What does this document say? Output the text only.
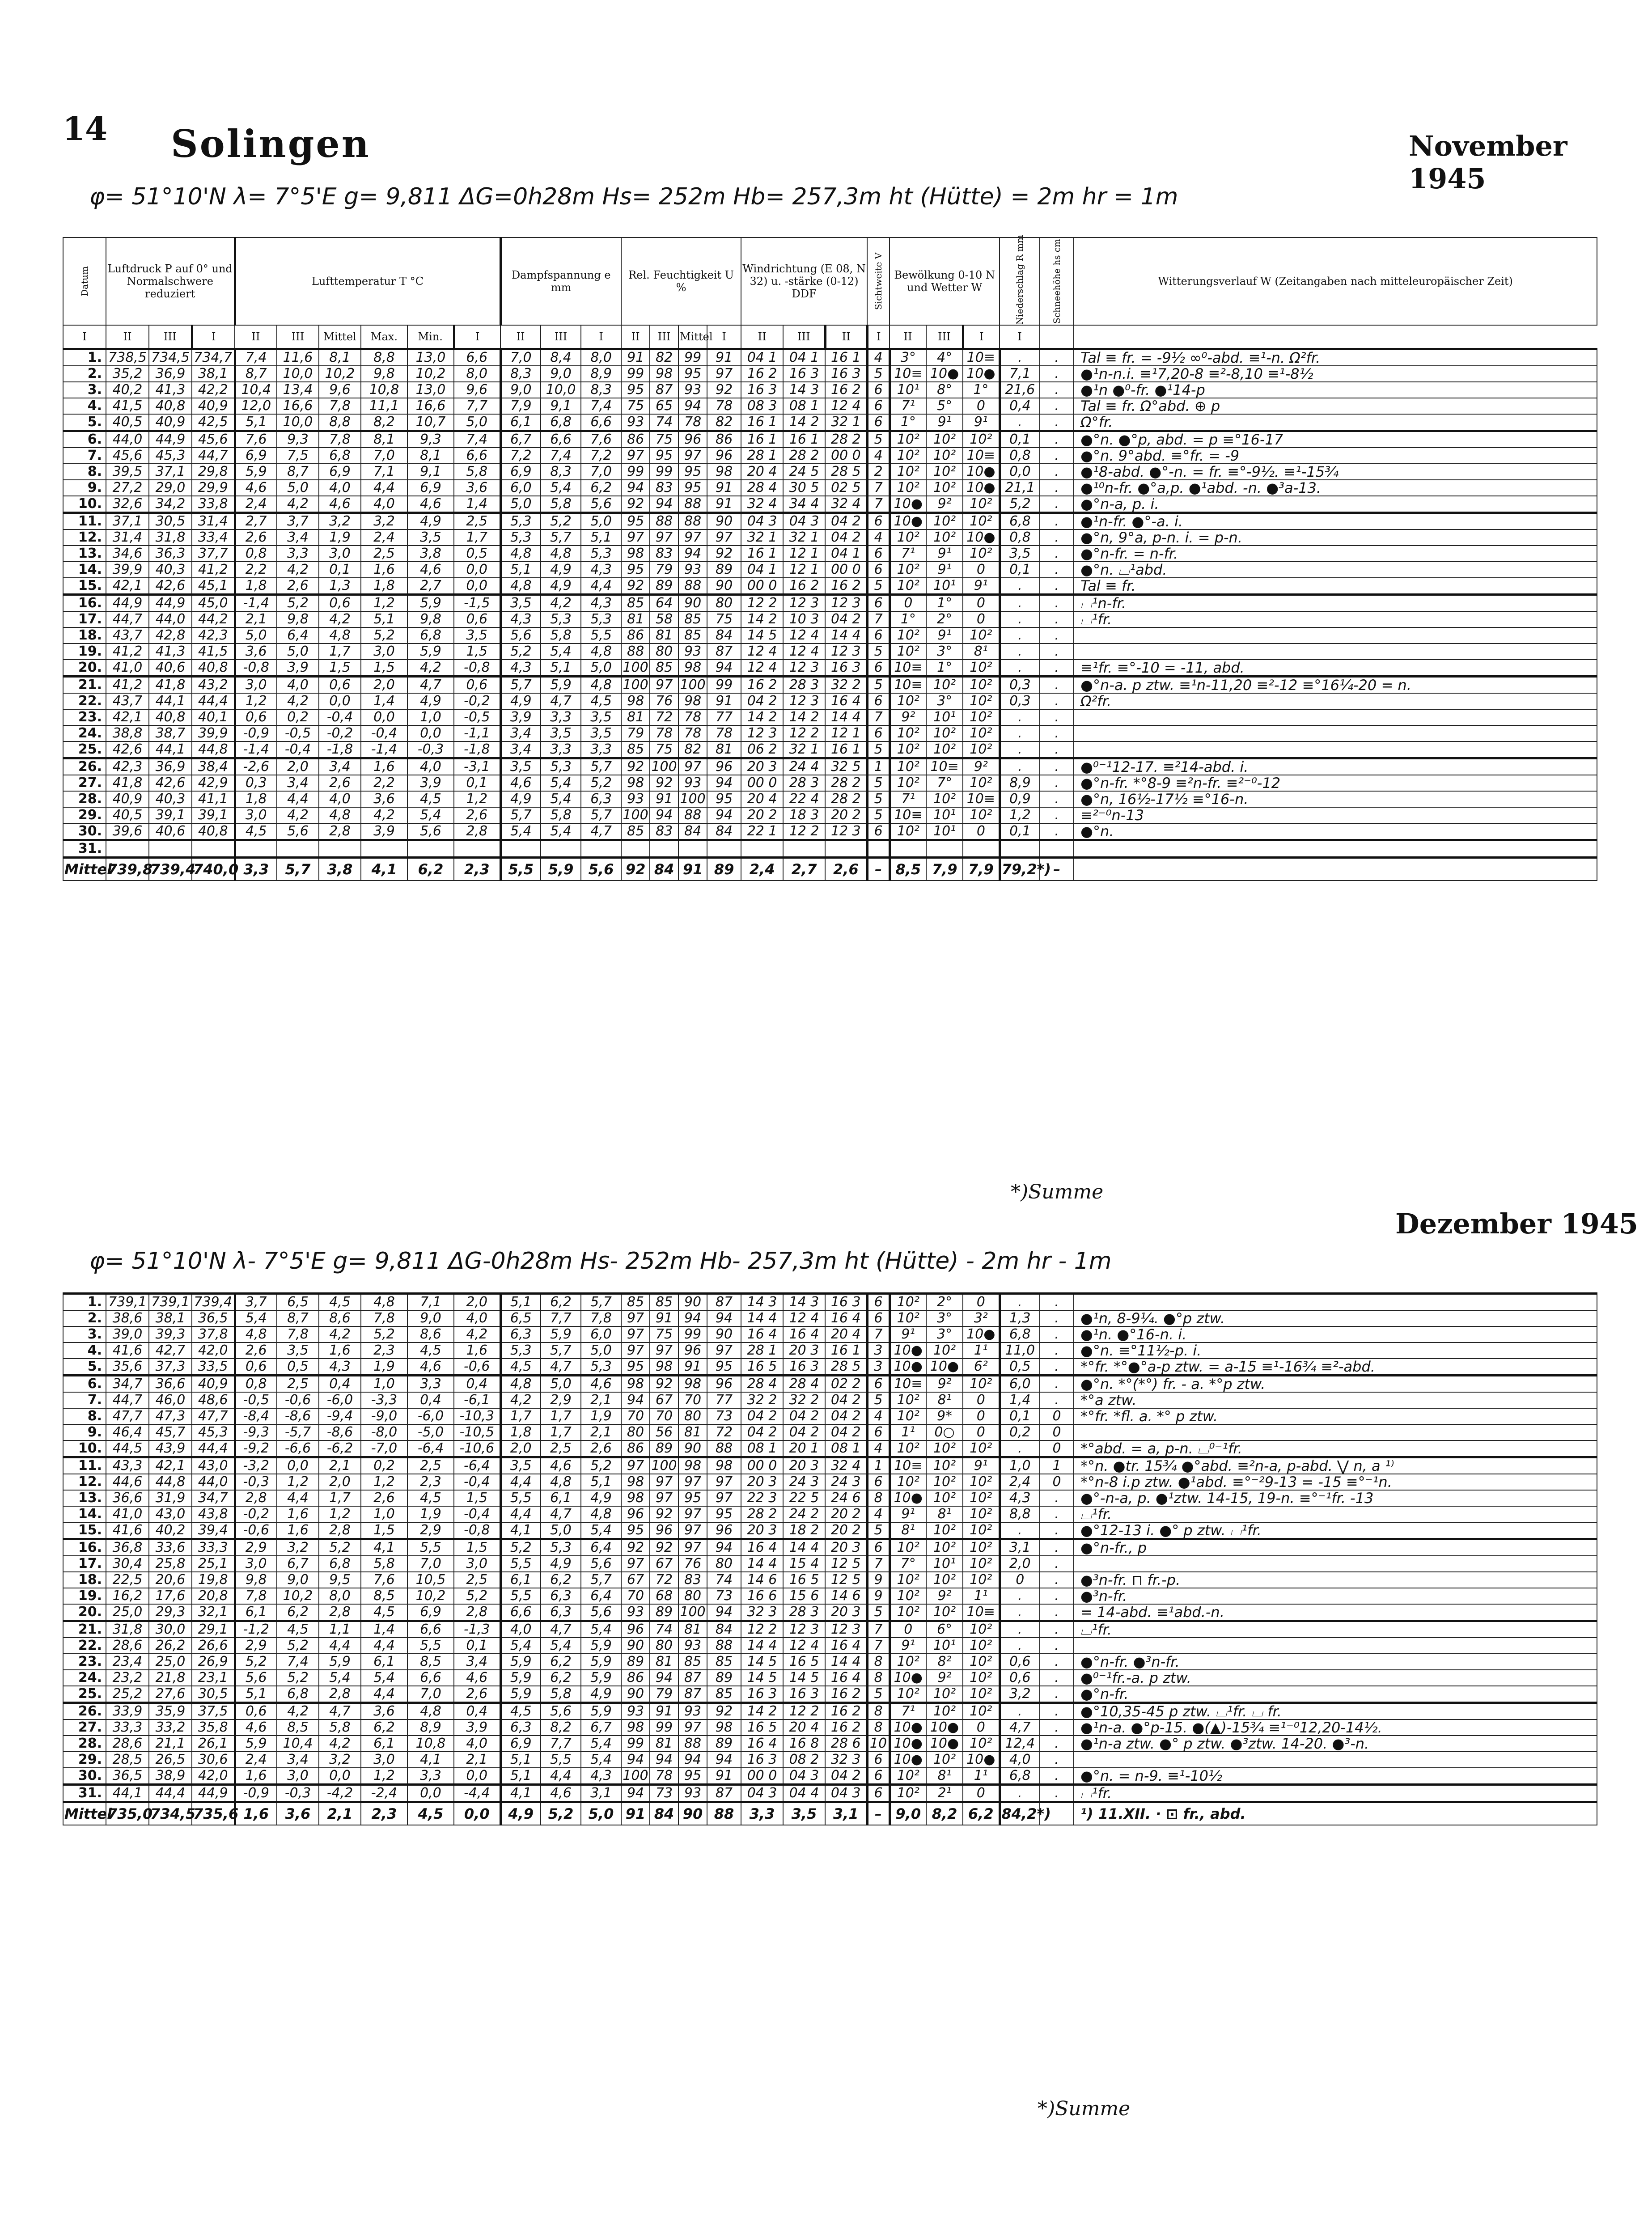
14 Solingen	November 1945
φ= 51°10'N λ= 7°5'E g= 9,811 ΔG=0h28m Hs= 252m Hb= 257,3m ht (Hütte) = 2m hr = 1m
Datum	Luftdruck P auf 0° und Normalschwere reduziert			Lufttemperatur T °C						Dampfspannung e mm			Rel. Feuchtigkeit U %				Windrichtung (E 08, N 32) u. -stärke (0-12) DDF			Sichtweite V	Bewölkung 0-10 N und Wetter W			Niederschlag R mm	Schneehöhe hs cm	Witterungsverlauf W (Zeitangaben nach mitteleuropäischer Zeit)
I	II	III	I	II	III	Mittel	Max.	Min.	I	II	III	I	II	III	Mittel	I	II	III	II	I	II	III	I	I		
1.	738,5	734,5	734,7	7,4	11,6	8,1	8,8	13,0	6,6	7,0	8,4	8,0	91	82	99	91	04 1	04 1	16 1	4	3°	4°	10≡	.	.	Tal ≡ fr. = -9½ ∞⁰-abd. ≡¹-n. Ω²fr.
2.	35,2	36,9	38,1	8,7	10,0	10,2	9,8	10,2	8,0	8,3	9,0	8,9	99	98	95	97	16 2	16 3	16 3	5	10≡	10●	10●	7,1	.	●¹n-n.i. ≡¹7,20-8 ≡²-8,10 ≡¹-8½
3.	40,2	41,3	42,2	10,4	13,4	9,6	10,8	13,0	9,6	9,0	10,0	8,3	95	87	93	92	16 3	14 3	16 2	6	10¹	8°	1°	21,6	.	●¹n ●⁰-fr. ●¹14-p
4.	41,5	40,8	40,9	12,0	16,6	7,8	11,1	16,6	7,7	7,9	9,1	7,4	75	65	94	78	08 3	08 1	12 4	6	7¹	5°	0	0,4	.	Tal ≡ fr. Ω°abd. ⊕ p
5.	40,5	40,9	42,5	5,1	10,0	8,8	8,2	10,7	5,0	6,1	6,8	6,6	93	74	78	82	16 1	14 2	32 1	6	1°	9¹	9¹	.	.	Ω°fr.
6.	44,0	44,9	45,6	7,6	9,3	7,8	8,1	9,3	7,4	6,7	6,6	7,6	86	75	96	86	16 1	16 1	28 2	5	10²	10²	10²	0,1	.	●°n. ●°p, abd. = p ≡°16-17
7.	45,6	45,3	44,7	6,9	7,5	6,8	7,0	8,1	6,6	7,2	7,4	7,2	97	95	97	96	28 1	28 2	00 0	4	10²	10²	10≡	0,8	.	●°n. 9°abd. ≡°fr. = -9
8.	39,5	37,1	29,8	5,9	8,7	6,9	7,1	9,1	5,8	6,9	8,3	7,0	99	99	95	98	20 4	24 5	28 5	2	10²	10²	10●	0,0	.	●¹8-abd. ●°-n. = fr. ≡°-9½. ≡¹-15¾
9.	27,2	29,0	29,9	4,6	5,0	4,0	4,4	6,9	3,6	6,0	5,4	6,2	94	83	95	91	28 4	30 5	02 5	7	10²	10²	10●	21,1	.	●¹⁰n-fr. ●°a,p. ●¹abd. -n. ●³a-13.
10.	32,6	34,2	33,8	2,4	4,2	4,6	4,0	4,6	1,4	5,0	5,8	5,6	92	94	88	91	32 4	34 4	32 4	7	10●	9²	10²	5,2	.	●°n-a, p. i.
11.	37,1	30,5	31,4	2,7	3,7	3,2	3,2	4,9	2,5	5,3	5,2	5,0	95	88	88	90	04 3	04 3	04 2	6	10●	10²	10²	6,8	.	●¹n-fr. ●°-a. i.
12.	31,4	31,8	33,4	2,6	3,4	1,9	2,4	3,5	1,7	5,3	5,7	5,1	97	97	97	97	32 1	32 1	04 2	4	10²	10²	10●	0,8	.	●°n, 9°a, p-n. i. = p-n.
13.	34,6	36,3	37,7	0,8	3,3	3,0	2,5	3,8	0,5	4,8	4,8	5,3	98	83	94	92	16 1	12 1	04 1	6	7¹	9¹	10²	3,5	.	●°n-fr. = n-fr.
14.	39,9	40,3	41,2	2,2	4,2	0,1	1,6	4,6	0,0	5,1	4,9	4,3	95	79	93	89	04 1	12 1	00 0	6	10²	9¹	0	0,1	.	●°n. ⌴¹abd.
15.	42,1	42,6	45,1	1,8	2,6	1,3	1,8	2,7	0,0	4,8	4,9	4,4	92	89	88	90	00 0	16 2	16 2	5	10²	10¹	9¹	.	.	Tal ≡ fr.
16.	44,9	44,9	45,0	-1,4	5,2	0,6	1,2	5,9	-1,5	3,5	4,2	4,3	85	64	90	80	12 2	12 3	12 3	6	0	1°	0	.	.	⌴¹n-fr.
17.	44,7	44,0	44,2	2,1	9,8	4,2	5,1	9,8	0,6	4,3	5,3	5,3	81	58	85	75	14 2	10 3	04 2	7	1°	2°	0	.	.	⌴¹fr.
18.	43,7	42,8	42,3	5,0	6,4	4,8	5,2	6,8	3,5	5,6	5,8	5,5	86	81	85	84	14 5	12 4	14 4	6	10²	9¹	10²	.	.	
19.	41,2	41,3	41,5	3,6	5,0	1,7	3,0	5,9	1,5	5,2	5,4	4,8	88	80	93	87	12 4	12 4	12 3	5	10²	3°	8¹	.	.	
20.	41,0	40,6	40,8	-0,8	3,9	1,5	1,5	4,2	-0,8	4,3	5,1	5,0	100	85	98	94	12 4	12 3	16 3	6	10≡	1°	10²	.	.	≡¹fr. ≡°-10 = -11, abd.
21.	41,2	41,8	43,2	3,0	4,0	0,6	2,0	4,7	0,6	5,7	5,9	4,8	100	97	100	99	16 2	28 3	32 2	5	10≡	10²	10²	0,3	.	●°n-a. p ztw. ≡¹n-11,20 ≡²-12 ≡°16¼-20 = n.
22.	43,7	44,1	44,4	1,2	4,2	0,0	1,4	4,9	-0,2	4,9	4,7	4,5	98	76	98	91	04 2	12 3	16 4	6	10²	3°	10²	0,3	.	Ω²fr.
23.	42,1	40,8	40,1	0,6	0,2	-0,4	0,0	1,0	-0,5	3,9	3,3	3,5	81	72	78	77	14 2	14 2	14 4	7	9²	10¹	10²	.	.	
24.	38,8	38,7	39,9	-0,9	-0,5	-0,2	-0,4	0,0	-1,1	3,4	3,5	3,5	79	78	78	78	12 3	12 2	12 1	6	10²	10²	10²	.	.	
25.	42,6	44,1	44,8	-1,4	-0,4	-1,8	-1,4	-0,3	-1,8	3,4	3,3	3,3	85	75	82	81	06 2	32 1	16 1	5	10²	10²	10²	.	.	
26.	42,3	36,9	38,4	-2,6	2,0	3,4	1,6	4,0	-3,1	3,5	5,3	5,7	92	100	97	96	20 3	24 4	32 5	1	10²	10≡	9²	.	.	●⁰⁻¹12-17. ≡²14-abd. i.
27.	41,8	42,6	42,9	0,3	3,4	2,6	2,2	3,9	0,1	4,6	5,4	5,2	98	92	93	94	00 0	28 3	28 2	5	10²	7°	10²	8,9	.	●°n-fr. *°8-9 ≡²n-fr. ≡²⁻⁰-12
28.	40,9	40,3	41,1	1,8	4,4	4,0	3,6	4,5	1,2	4,9	5,4	6,3	93	91	100	95	20 4	22 4	28 2	5	7¹	10²	10≡	0,9	.	●°n, 16½-17½ ≡°16-n.
29.	40,5	39,1	39,1	3,0	4,2	4,8	4,2	5,4	2,6	5,7	5,8	5,7	100	94	88	94	20 2	18 3	20 2	5	10≡	10¹	10²	1,2	.	≡²⁻⁰n-13
30.	39,6	40,6	40,8	4,5	5,6	2,8	3,9	5,6	2,8	5,4	5,4	4,7	85	83	84	84	22 1	12 2	12 3	6	10²	10¹	0	0,1	.	●°n.
31.																										
Mittel	739,8	739,4	740,0	3,3	5,7	3,8	4,1	6,2	2,3	5,5	5,9	5,6	92	84	91	89	2,4	2,7	2,6	–	8,5	7,9	7,9	79,2*)	–	
*)Summe
Dezember 1945
φ= 51°10'N λ- 7°5'E g= 9,811 ΔG-0h28m Hs- 252m Hb- 257,3m ht (Hütte) - 2m hr - 1m
1.	739,1	739,1	739,4	3,7	6,5	4,5	4,8	7,1	2,0	5,1	6,2	5,7	85	85	90	87	14 3	14 3	16 3	6	10²	2°	0	.	.	
2.	38,6	38,1	36,5	5,4	8,7	8,6	7,8	9,0	4,0	6,5	7,7	7,8	97	91	94	94	14 4	12 4	16 4	6	10²	3°	3²	1,3	.	●¹n, 8-9¼. ●°p ztw.
3.	39,0	39,3	37,8	4,8	7,8	4,2	5,2	8,6	4,2	6,3	5,9	6,0	97	75	99	90	16 4	16 4	20 4	7	9¹	3°	10●	6,8	.	●¹n. ●°16-n. i.
4.	41,6	42,7	42,0	2,6	3,5	1,6	2,3	4,5	1,6	5,3	5,7	5,0	97	97	96	97	28 1	20 3	16 1	3	10●	10²	1¹	11,0	.	●°n. ≡°11½-p. i.
5.	35,6	37,3	33,5	0,6	0,5	4,3	1,9	4,6	-0,6	4,5	4,7	5,3	95	98	91	95	16 5	16 3	28 5	3	10●	10●	6²	0,5	.	*°fr. *°●°a-p ztw. = a-15 ≡¹-16¾ ≡²-abd.
6.	34,7	36,6	40,9	0,8	2,5	0,4	1,0	3,3	0,4	4,8	5,0	4,6	98	92	98	96	28 4	28 4	02 2	6	10≡	9²	10²	6,0	.	●°n. *°(*°) fr. - a. *°p ztw.
7.	44,7	46,0	48,6	-0,5	-0,6	-6,0	-3,3	0,4	-6,1	4,2	2,9	2,1	94	67	70	77	32 2	32 2	04 2	5	10²	8¹	0	1,4	.	*°a ztw.
8.	47,7	47,3	47,7	-8,4	-8,6	-9,4	-9,0	-6,0	-10,3	1,7	1,7	1,9	70	70	80	73	04 2	04 2	04 2	4	10²	9*	0	0,1	0	*°fr. *fl. a. *° p ztw.
9.	46,4	45,7	45,3	-9,3	-5,7	-8,6	-8,0	-5,0	-10,5	1,8	1,7	2,1	80	56	81	72	04 2	04 2	04 2	6	1¹	0○	0	0,2	0	
10.	44,5	43,9	44,4	-9,2	-6,6	-6,2	-7,0	-6,4	-10,6	2,0	2,5	2,6	86	89	90	88	08 1	20 1	08 1	4	10²	10²	10²	.	0	*°abd. = a, p-n. ⌴⁰⁻¹fr.
11.	43,3	42,1	43,0	-3,2	0,0	2,1	0,2	2,5	-6,4	3,5	4,6	5,2	97	100	98	98	00 0	20 3	32 4	1	10≡	10²	9¹	1,0	1	*°n. ●tr. 15¾ ●°abd. ≡²n-a, p-abd. ⋁ n, a ¹⁾
12.	44,6	44,8	44,0	-0,3	1,2	2,0	1,2	2,3	-0,4	4,4	4,8	5,1	98	97	97	97	20 3	24 3	24 3	6	10²	10²	10²	2,4	0	*°n-8 i.p ztw. ●¹abd. ≡°⁻²9-13 = -15 ≡°⁻¹n.
13.	36,6	31,9	34,7	2,8	4,4	1,7	2,6	4,5	1,5	5,5	6,1	4,9	98	97	95	97	22 3	22 5	24 6	8	10●	10²	10²	4,3	.	●°-n-a, p. ●¹ztw. 14-15, 19-n. ≡°⁻¹fr. -13
14.	41,0	43,0	43,8	-0,2	1,6	1,2	1,0	1,9	-0,4	4,4	4,7	4,8	96	92	97	95	28 2	24 2	20 2	4	9¹	8¹	10²	8,8	.	⌴¹fr.
15.	41,6	40,2	39,4	-0,6	1,6	2,8	1,5	2,9	-0,8	4,1	5,0	5,4	95	96	97	96	20 3	18 2	20 2	5	8¹	10²	10²	.	.	●°12-13 i. ●° p ztw. ⌴¹fr.
16.	36,8	33,6	33,3	2,9	3,2	5,2	4,1	5,5	1,5	5,2	5,3	6,4	92	92	97	94	16 4	14 4	20 3	6	10²	10²	10²	3,1	.	●°n-fr., p
17.	30,4	25,8	25,1	3,0	6,7	6,8	5,8	7,0	3,0	5,5	4,9	5,6	97	67	76	80	14 4	15 4	12 5	7	7°	10¹	10²	2,0	.	
18.	22,5	20,6	19,8	9,8	9,0	9,5	7,6	10,5	2,5	6,1	6,2	5,7	67	72	83	74	14 6	16 5	12 5	9	10²	10²	10²	0	.	●³n-fr. ⊓ fr.-p.
19.	16,2	17,6	20,8	7,8	10,2	8,0	8,5	10,2	5,2	5,5	6,3	6,4	70	68	80	73	16 6	15 6	14 6	9	10²	9²	1¹	.	.	●³n-fr.
20.	25,0	29,3	32,1	6,1	6,2	2,8	4,5	6,9	2,8	6,6	6,3	5,6	93	89	100	94	32 3	28 3	20 3	5	10²	10²	10≡	.	.	= 14-abd. ≡¹abd.-n.
21.	31,8	30,0	29,1	-1,2	4,5	1,1	1,4	6,6	-1,3	4,0	4,7	5,4	96	74	81	84	12 2	12 3	12 3	7	0	6°	10²	.	.	⌴¹fr.
22.	28,6	26,2	26,6	2,9	5,2	4,4	4,4	5,5	0,1	5,4	5,4	5,9	90	80	93	88	14 4	12 4	16 4	7	9¹	10¹	10²	.	.	
23.	23,4	25,0	26,9	5,2	7,4	5,9	6,1	8,5	3,4	5,9	6,2	5,9	89	81	85	85	14 5	16 5	14 4	8	10²	8²	10²	0,6	.	●°n-fr. ●³n-fr.
24.	23,2	21,8	23,1	5,6	5,2	5,4	5,4	6,6	4,6	5,9	6,2	5,9	86	94	87	89	14 5	14 5	16 4	8	10●	9²	10²	0,6	.	●⁰⁻¹fr.-a. p ztw.
25.	25,2	27,6	30,5	5,1	6,8	2,8	4,4	7,0	2,6	5,9	5,8	4,9	90	79	87	85	16 3	16 3	16 2	5	10²	10²	10²	3,2	.	●°n-fr.
26.	33,9	35,9	37,5	0,6	4,2	4,7	3,6	4,8	0,4	4,5	5,6	5,9	93	91	93	92	14 2	12 2	16 2	8	7¹	10²	10²	.	.	●°10,35-45 p ztw. ⌴¹fr. ⌴ fr.
27.	33,3	33,2	35,8	4,6	8,5	5,8	6,2	8,9	3,9	6,3	8,2	6,7	98	99	97	98	16 5	20 4	16 2	8	10●	10●	0	4,7	.	●¹n-a. ●°p-15. ●(▲)-15¾ ≡¹⁻⁰12,20-14½.
28.	28,6	21,1	26,1	5,9	10,4	4,2	6,1	10,8	4,0	6,9	7,7	5,4	99	81	88	89	16 4	16 8	28 6	10	10●	10●	10²	12,4	.	●¹n-a ztw. ●° p ztw. ●³ztw. 14-20. ●³-n.
29.	28,5	26,5	30,6	2,4	3,4	3,2	3,0	4,1	2,1	5,1	5,5	5,4	94	94	94	94	16 3	08 2	32 3	6	10●	10²	10●	4,0	.	
30.	36,5	38,9	42,0	1,6	3,0	0,0	1,2	3,3	0,0	5,1	4,4	4,3	100	78	95	91	00 0	04 3	04 2	6	10²	8¹	1¹	6,8	.	●°n. = n-9. ≡¹-10½
31.	44,1	44,4	44,9	-0,9	-0,3	-4,2	-2,4	0,0	-4,4	4,1	4,6	3,1	94	73	93	87	04 3	04 4	04 3	6	10²	2¹	0	.	.	⌴¹fr.
Mittel	735,0	734,5	735,6	1,6	3,6	2,1	2,3	4,5	0,0	4,9	5,2	5,0	91	84	90	88	3,3	3,5	3,1	–	9,0	8,2	6,2	84,2*)		¹) 11.XII. · ⊡ fr., abd.
*)Summe
